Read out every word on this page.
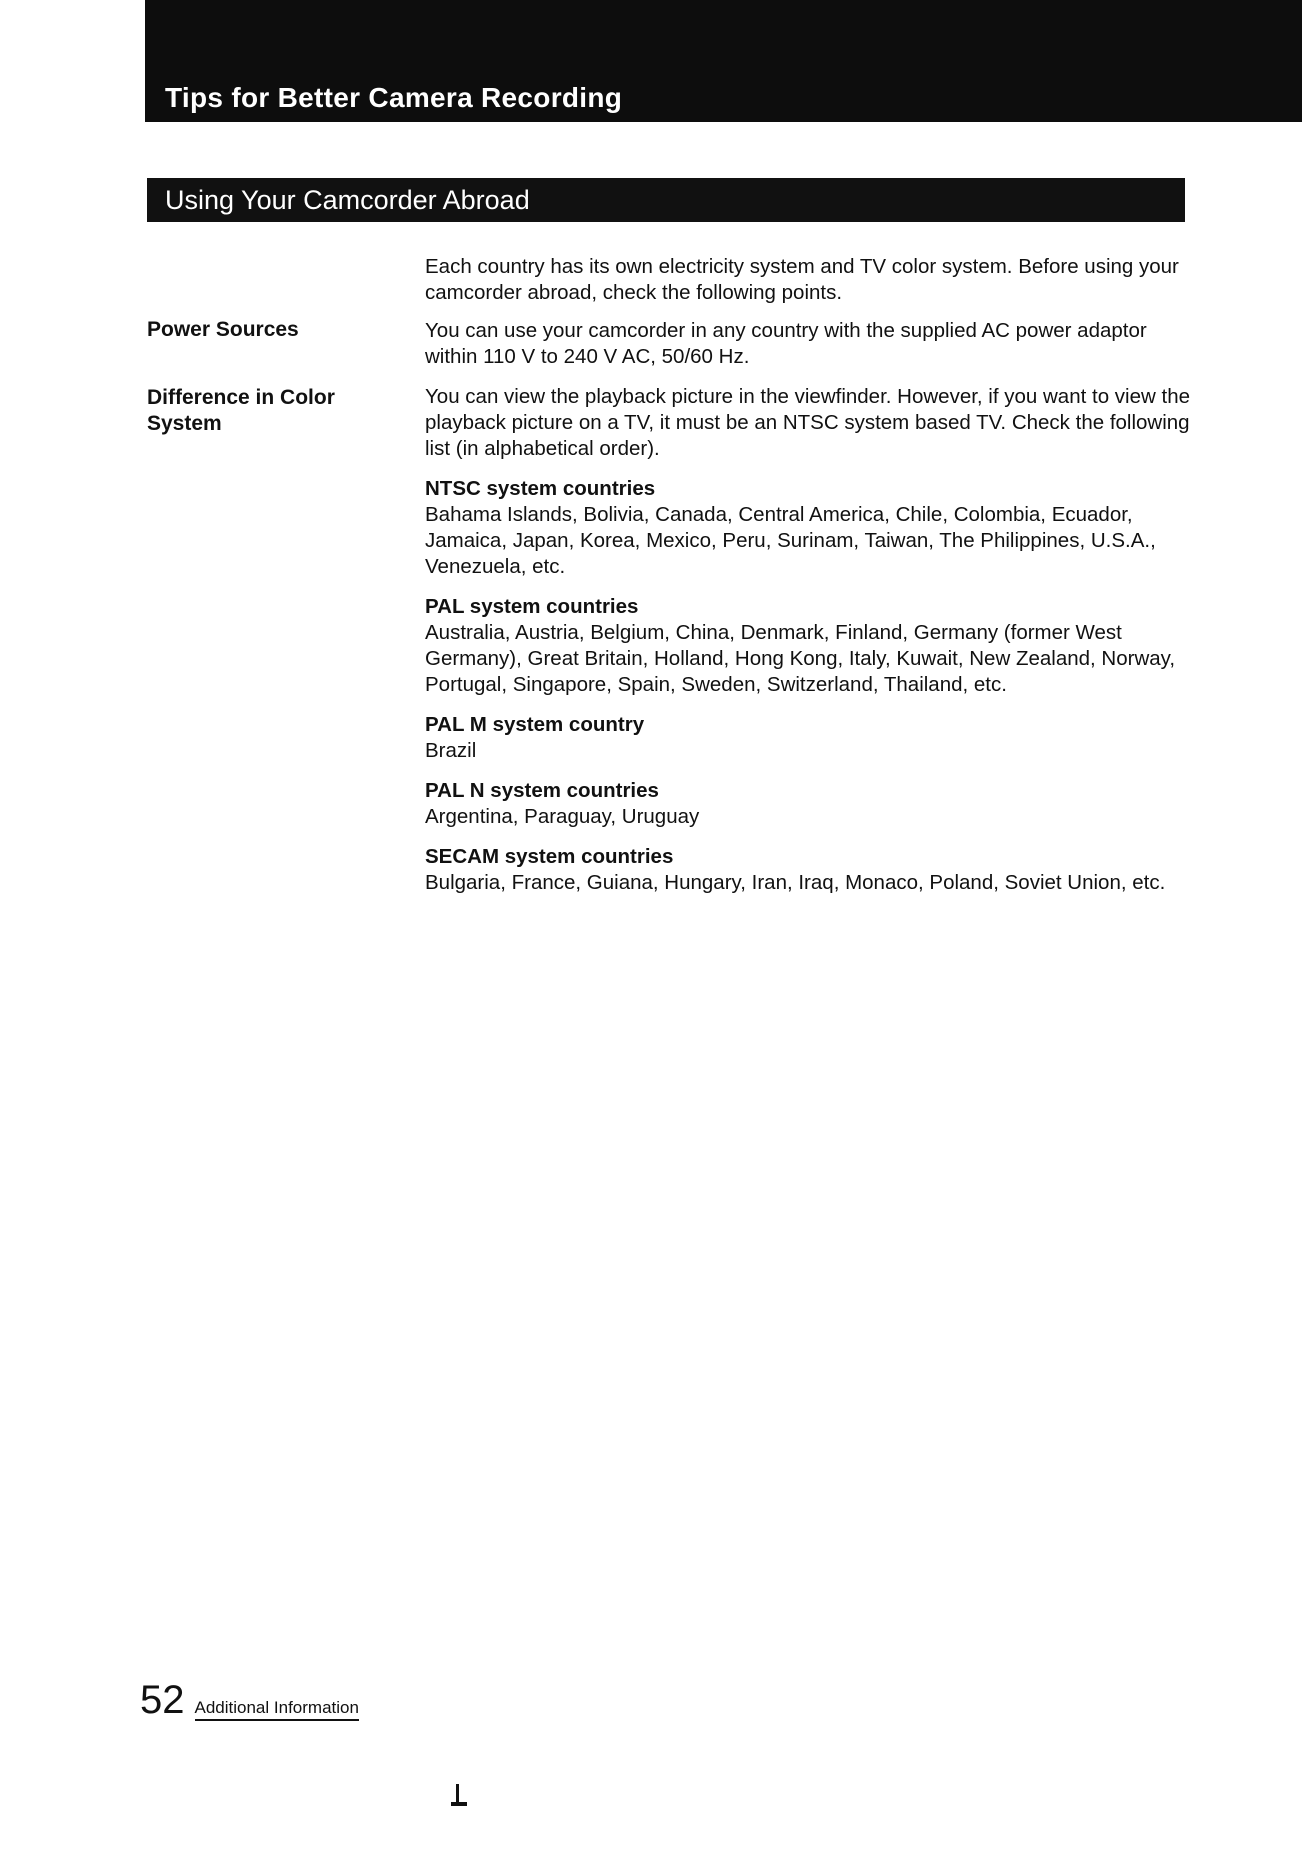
Tips for Better Camera Recording
Using Your Camcorder Abroad
Power Sources
Difference in Color System

Each country has its own electricity system and TV color system. Before using your camcorder abroad, check the following points.

You can use your camcorder in any country with the supplied AC power adaptor within 110 V to 240 V AC, 50/60 Hz.

You can view the playback picture in the viewfinder. However, if you want to view the playback picture on a TV, it must be an NTSC system based TV. Check the following list (in alphabetical order).

NTSC system countries
Bahama Islands, Bolivia, Canada, Central America, Chile, Colombia, Ecuador, Jamaica, Japan, Korea, Mexico, Peru, Surinam, Taiwan, The Philippines, U.S.A., Venezuela, etc.
PAL system countries
Australia, Austria, Belgium, China, Denmark, Finland, Germany (former West Germany), Great Britain, Holland, Hong Kong, Italy, Kuwait, New Zealand, Norway, Portugal, Singapore, Spain, Sweden, Switzerland, Thailand, etc.
PAL M system country
Brazil
PAL N system countries
Argentina, Paraguay, Uruguay
SECAM system countries
Bulgaria, France, Guiana, Hungary, Iran, Iraq, Monaco, Poland, Soviet Union, etc.
52 Additional Information
